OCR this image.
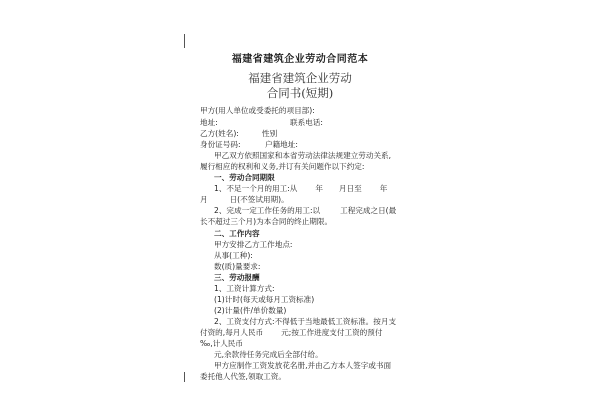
福建省建筑企业劳动合同范本
福建省建筑企业劳动
合同书(短期)
甲方(用人单位或受委托的项目部):
地址:	联系电话:
乙方(姓名):	性别
身份证号码:	户籍地址:
甲乙双方依照国家和本省劳动法律法规建立劳动关系,
履行相应的权利和义务,并订有关问题作以下约定:
一、劳动合同期限
1、不足一个月的用工:从 年 月日至 年
月	日(不签试用期)。
2、完成一定工作任务的用工:以	工程完成之日(最
长不超过三个月)为本合同的终止期限。
二、工作内容
甲方安排乙方工作地点:
从事(工种):
数(质)量要求:
三、劳动报酬
1、工资计算方式:
(1)计时(每天或每月工资标准)
(2)计量(件/单价数量)
2、工资支付方式:不得低于当地最低工资标准。按月支
付资的,每月人民币 元;按工作进度支付工资的预付
‰,计人民币
元,余款待任务完成后全部付给。
甲方应制作工资发放花名册,并由乙方本人签字或书面
委托他人代签,领取工资。
